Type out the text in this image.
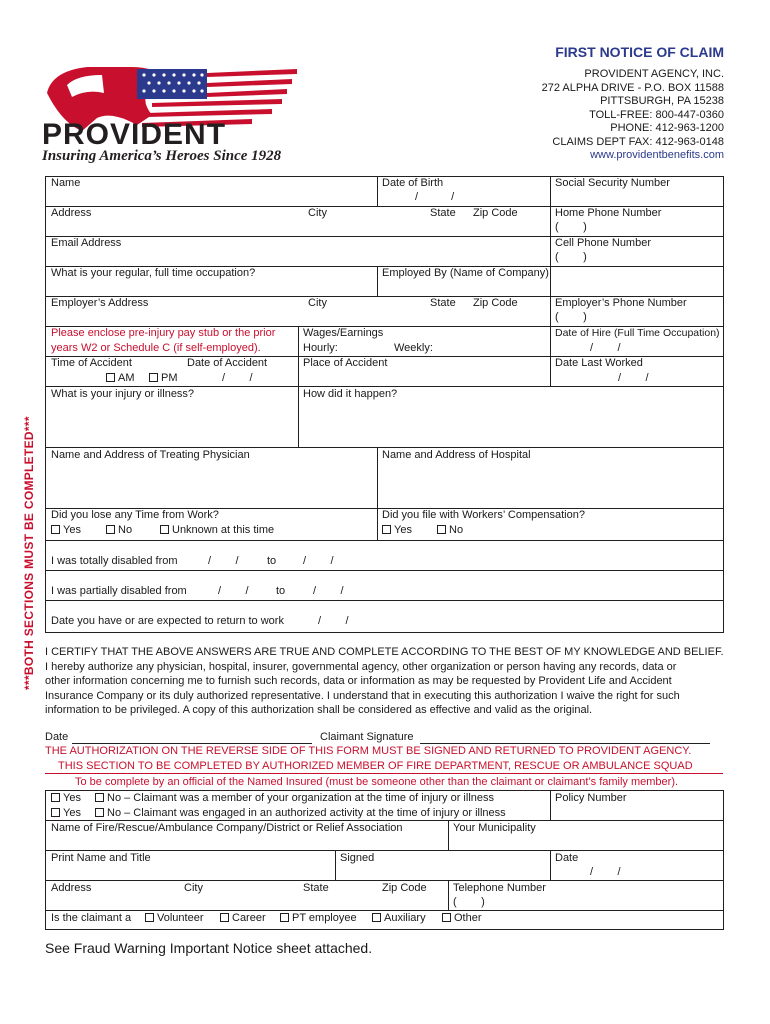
PROVIDENT
Insuring America’s Heroes Since 1928
FIRST NOTICE OF CLAIM
PROVIDENT AGENCY, INC.
272 ALPHA DRIVE - P.O. BOX 11588
PITTSBURGH, PA 15238
TOLL-FREE: 800-447-0360
PHONE: 412-963-1200
CLAIMS DEPT FAX: 412-963-0148
www.providentbenefits.com
***BOTH SECTIONS MUST BE COMPLETED***
Name	Date of Birth
/ /
Social Security Number
Address	City	State Zip Code	Home Phone Number
(        )
Email Address	Cell Phone Number
(        )
What is your regular, full time occupation?	Employed By (Name of Company)
Employer’s Address	City	State Zip Code	Employer’s Phone Number
(        )
Please enclose pre-injury pay stub or the prior
years W2 or Schedule C (if self-employed).
Wages/Earnings
Hourly:	Weekly:
Date of Hire (Full Time Occupation)
/        /
Time of Accident	Date of Accident
AM	PM	/        /
Place of Accident	Date Last Worked
/        /
What is your injury or illness?	How did it happen?
Name and Address of Treating Physician	Name and Address of Hospital
Did you lose any Time from Work?
Yes	No	Unknown at this time
Did you file with Workers’ Compensation?
Yes	No
I was totally disabled from	/        /	to /        /
I was partially disabled from	/        / to	/        /
Date you have or are expected to return to work	/        /
I CERTIFY THAT THE ABOVE ANSWERS ARE TRUE AND COMPLETE ACCORDING TO THE BEST OF MY KNOWLEDGE AND BELIEF.
I hereby authorize any physician, hospital, insurer, governmental agency, other organization or person having any records, data or
other information concerning me to furnish such records, data or information as may be requested by Provident Life and Accident
Insurance Company or its duly authorized representative. I understand that in executing this authorization I waive the right for such
information to be privileged. A copy of this authorization shall be considered as effective and valid as the original.
Date	Claimant Signature
THE AUTHORIZATION ON THE REVERSE SIDE OF THIS FORM MUST BE SIGNED AND RETURNED TO PROVIDENT AGENCY.
THIS SECTION TO BE COMPLETED BY AUTHORIZED MEMBER OF FIRE DEPARTMENT, RESCUE OR AMBULANCE SQUAD
To be complete by an official of the Named Insured (must be someone other than the claimant or claimant’s family member).
Yes	No – Claimant was a member of your organization at the time of injury or illness
Yes	No – Claimant was engaged in an authorized activity at the time of injury or illness
Policy Number
Name of Fire/Rescue/Ambulance Company/District or Relief Association	Your Municipality
Print Name and Title	Signed	Date
/        /
Address	City	State	Zip Code Telephone Number
(        )
Is the claimant a	Volunteer	Career	PT employee	Auxiliary	Other
See Fraud Warning Important Notice sheet attached.
